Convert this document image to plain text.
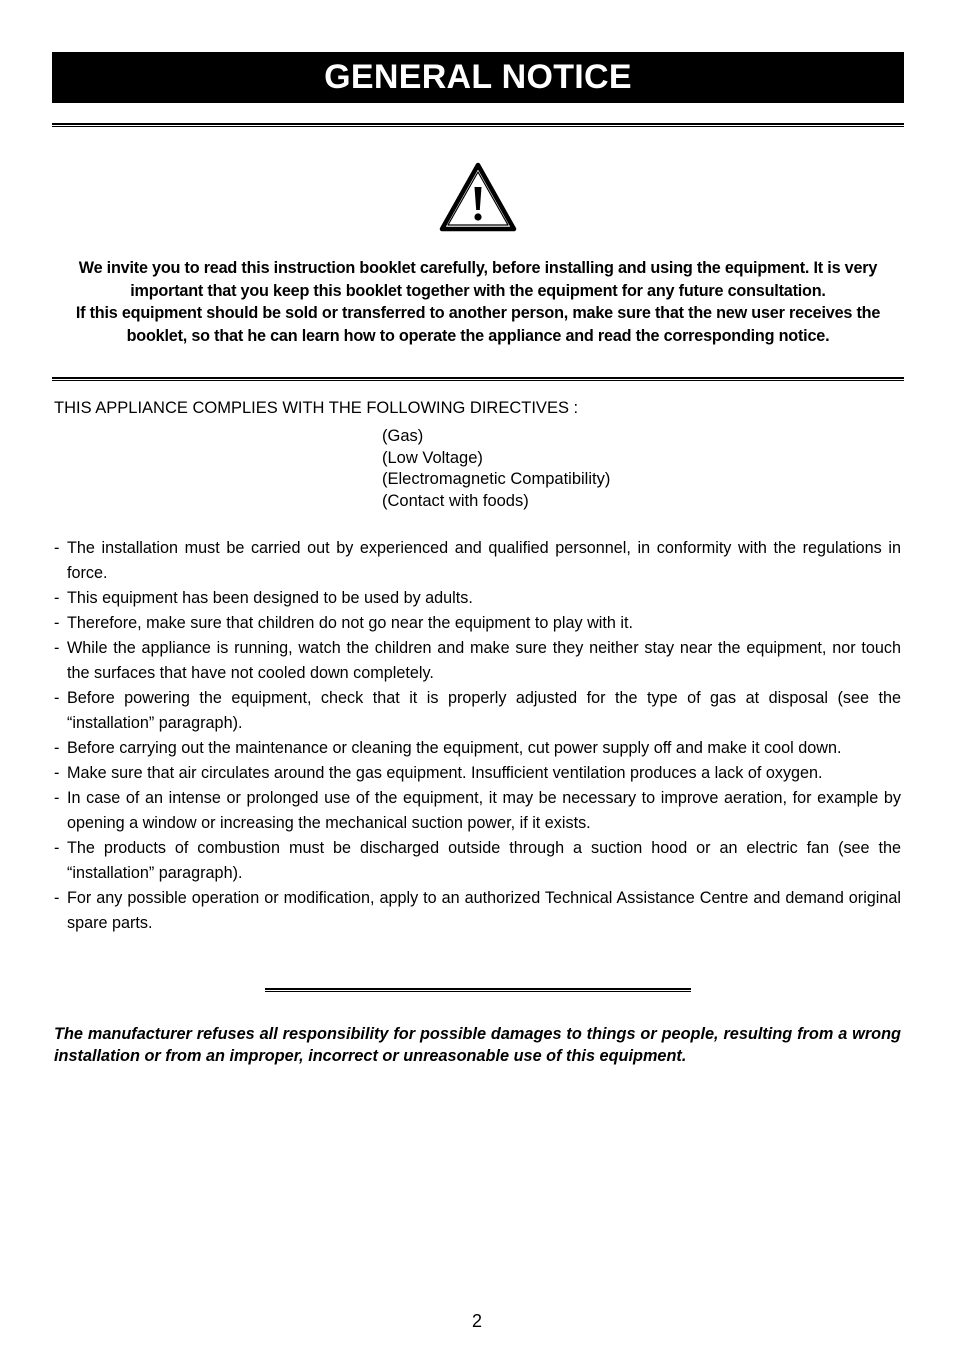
GENERAL NOTICE

We invite you to read this instruction booklet carefully, before installing and using the equipment. It is very important that you keep this booklet together with the equipment for any future consultation.

If this equipment should be sold or transferred to another person, make sure that the new user receives the booklet, so that he can learn how to operate the appliance and read the corresponding notice.

THIS APPLIANCE COMPLIES WITH THE FOLLOWING DIRECTIVES :
(Gas)
(Low Voltage)
(Electromagnetic Compatibility)
(Contact with foods)
- The installation must be carried out by experienced and qualified personnel, in conformity with the regulations in force.
- This equipment has been designed to be used by adults.
- Therefore, make sure that children do not go near the equipment to play with it.
- While the appliance is running, watch the children and make sure they neither stay near the equipment, nor touch the surfaces that have not cooled down completely.
- Before powering the equipment, check that it is properly adjusted for the type of gas at disposal (see the “installation” paragraph).
- Before carrying out the maintenance or cleaning the equipment, cut power supply off and make it cool down.
- Make sure that air circulates around the gas equipment. Insufficient ventilation produces a lack of oxygen.
- In case of an intense or prolonged use of the equipment, it may be necessary to improve aeration, for example by opening a window or increasing the mechanical suction power, if it exists.
- The products of combustion must be discharged outside through a suction hood or an electric fan (see the “installation” paragraph).
- For any possible operation or modification, apply to an authorized Technical Assistance Centre and demand original spare parts.
The manufacturer refuses all responsibility for possible damages to things or people, resulting from a wrong installation or from an improper, incorrect or unreasonable use of this equipment.
2
